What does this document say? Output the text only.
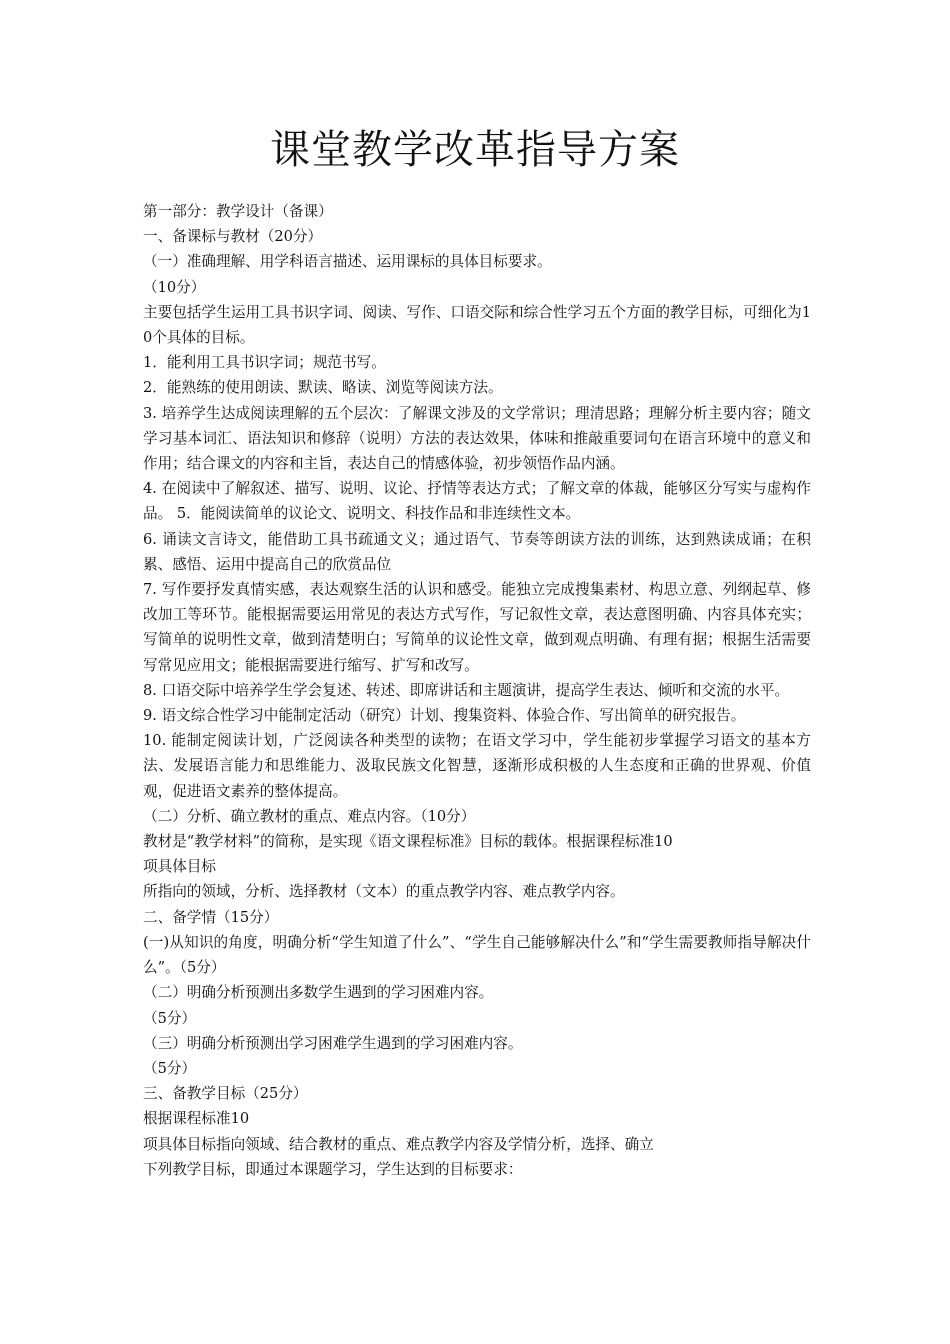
课堂教学改革指导方案

第一部分：教学设计（备课）

一、备课标与教材（20分）

（一）准确理解、用学科语言描述、运用课标的具体目标要求。

（10分）

主要包括学生运用工具书识字词、阅读、写作、口语交际和综合性学习五个方面的教学目标，可细化为10个具体的目标。

1．能利用工具书识字词；规范书写。

2．能熟练的使用朗读、默读、略读、浏览等阅读方法。

3. 培养学生达成阅读理解的五个层次：了解课文涉及的文学常识；理清思路；理解分析主要内容；随文学习基本词汇、语法知识和修辞（说明）方法的表达效果，体味和推敲重要词句在语言环境中的意义和作用；结合课文的内容和主旨，表达自己的情感体验，初步领悟作品内涵。

4. 在阅读中了解叙述、描写、说明、议论、抒情等表达方式；了解文章的体裁，能够区分写实与虚构作品。 5．能阅读简单的议论文、说明文、科技作品和非连续性文本。

6. 诵读文言诗文，能借助工具书疏通文义；通过语气、节奏等朗读方法的训练，达到熟读成诵；在积累、感悟、运用中提高自己的欣赏品位

7. 写作要抒发真情实感，表达观察生活的认识和感受。能独立完成搜集素材、构思立意、列纲起草、修改加工等环节。能根据需要运用常见的表达方式写作，写记叙性文章，表达意图明确、内容具体充实；写简单的说明性文章，做到清楚明白；写简单的议论性文章，做到观点明确、有理有据；根据生活需要写常见应用文；能根据需要进行缩写、扩写和改写。

8. 口语交际中培养学生学会复述、转述、即席讲话和主题演讲，提高学生表达、倾听和交流的水平。

9. 语文综合性学习中能制定活动（研究）计划、搜集资料、体验合作、写出简单的研究报告。

10. 能制定阅读计划，广泛阅读各种类型的读物；在语文学习中，学生能初步掌握学习语文的基本方法、发展语言能力和思维能力、汲取民族文化智慧，逐渐形成积极的人生态度和正确的世界观、价值观，促进语文素养的整体提高。

（二）分析、确立教材的重点、难点内容。（10分）

教材是“教学材料”的简称，是实现《语文课程标准》目标的载体。根据课程标准10

项具体目标

所指向的领域，分析、选择教材（文本）的重点教学内容、难点教学内容。

二、备学情（15分）

(一)从知识的角度，明确分析“学生知道了什么”、“学生自己能够解决什么”和“学生需要教师指导解决什么”。（5分）

（二）明确分析预测出多数学生遇到的学习困难内容。

（5分）

（三）明确分析预测出学习困难学生遇到的学习困难内容。

（5分）

三、备教学目标（25分）

根据课程标准10

项具体目标指向领域、结合教材的重点、难点教学内容及学情分析，选择、确立

下列教学目标，即通过本课题学习，学生达到的目标要求：
